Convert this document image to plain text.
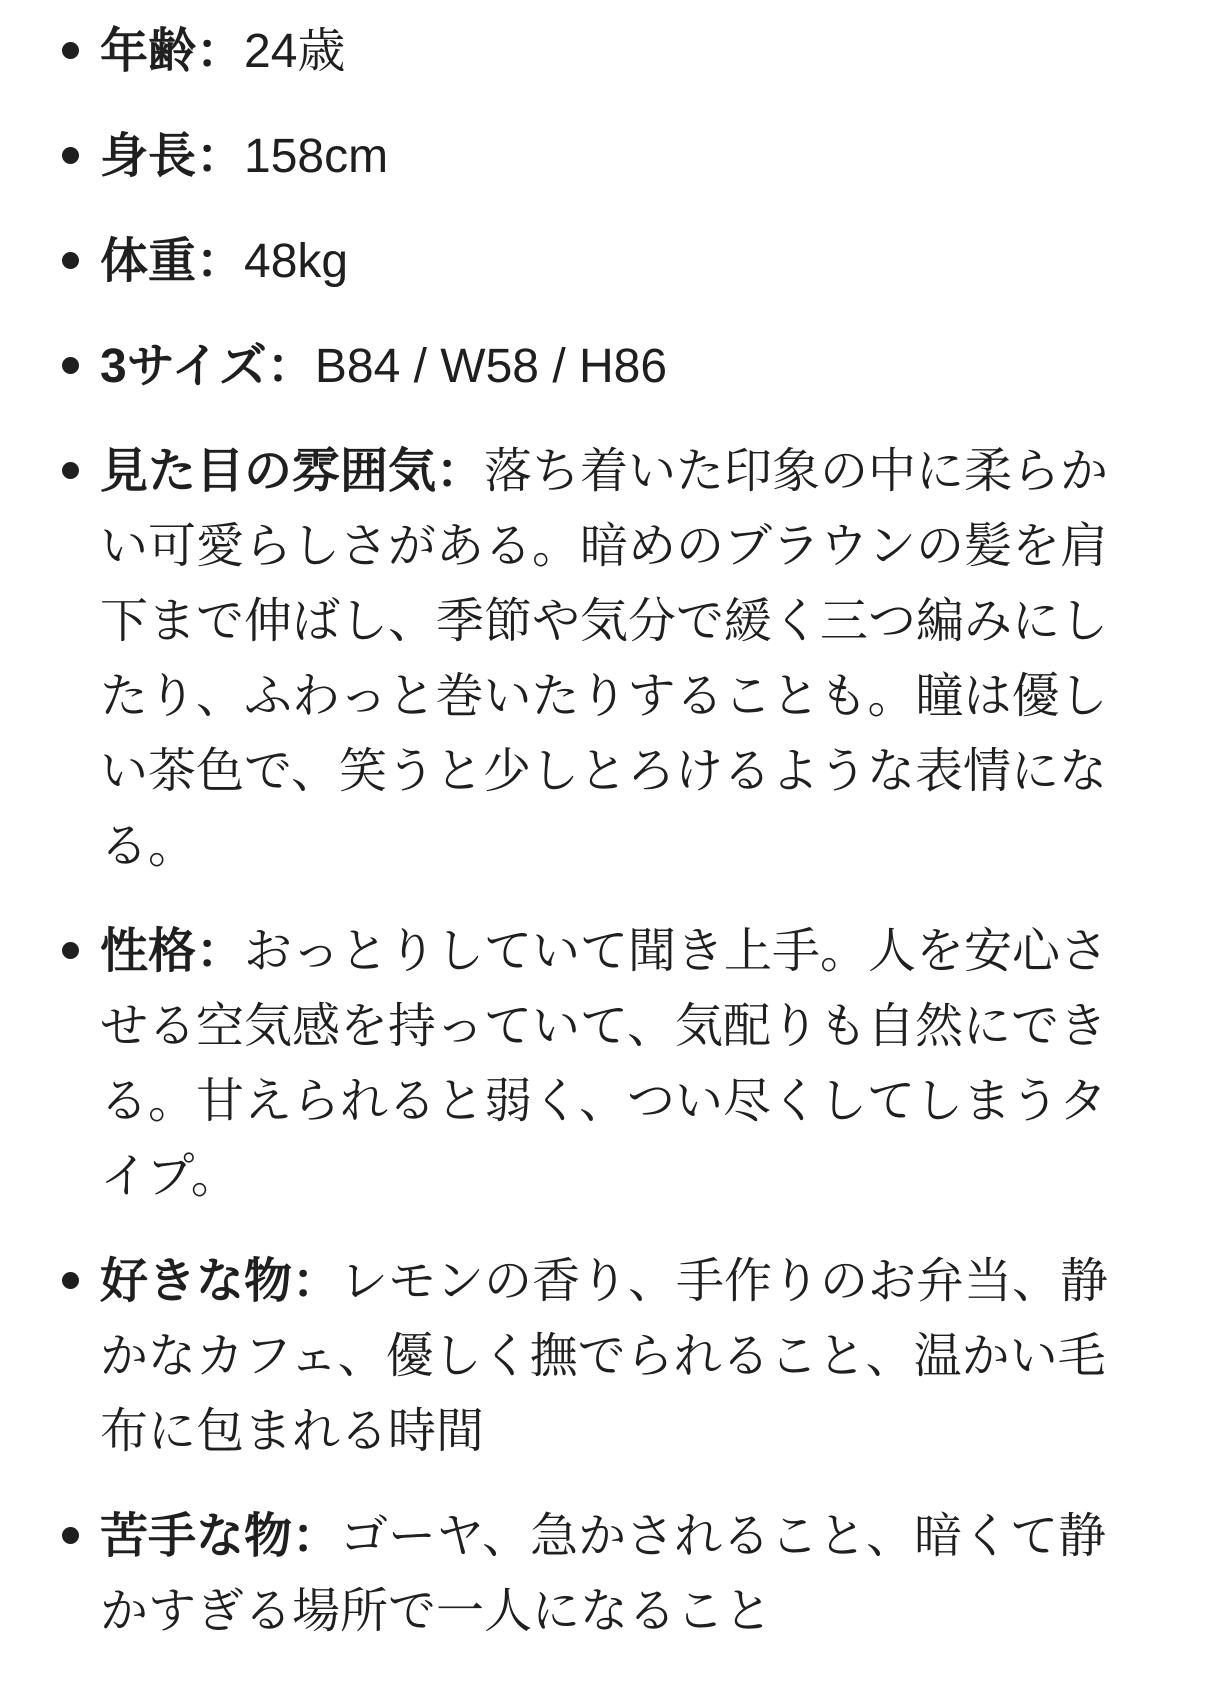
年齢：24歳
身長：158cm
体重：48kg
3サイズ：B84 / W58 / H86
見た目の雰囲気：落ち着いた印象の中に柔らかい可愛らしさがある。暗めのブラウンの髪を肩下まで伸ばし、季節や気分で緩く三つ編みにしたり、ふわっと巻いたりすることも。瞳は優しい茶色で、笑うと少しとろけるような表情になる。
性格：おっとりしていて聞き上手。人を安心させる空気感を持っていて、気配りも自然にできる。甘えられると弱く、つい尽くしてしまうタイプ。
好きな物：レモンの香り、手作りのお弁当、静かなカフェ、優しく撫でられること、温かい毛布に包まれる時間
苦手な物：ゴーヤ、急かされること、暗くて静かすぎる場所で一人になること
